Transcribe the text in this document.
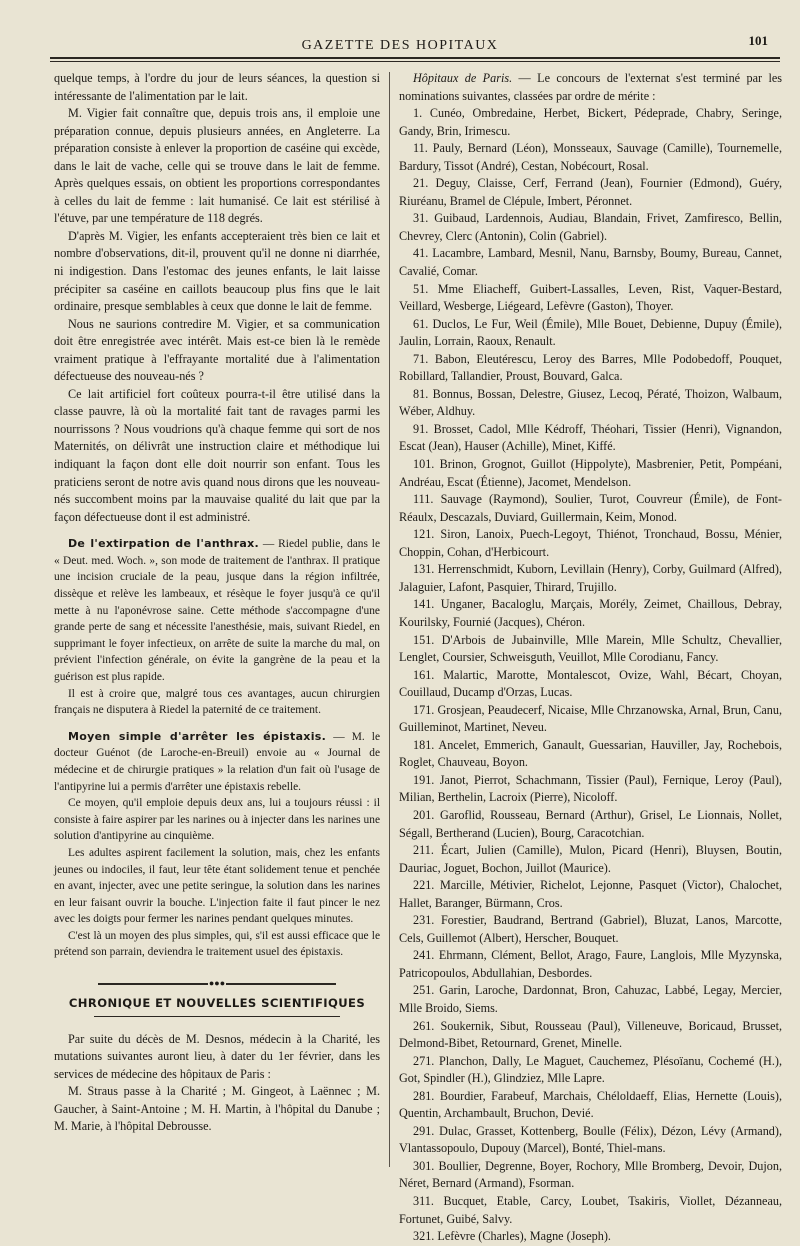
GAZETTE DES HOPITAUX	101

quelque temps, à l'ordre du jour de leurs séances, la question si intéressante de l'alimentation par le lait.

M. Vigier fait connaître que, depuis trois ans, il emploie une préparation connue, depuis plusieurs années, en Angleterre. La préparation consiste à enlever la proportion de caséine qui excède, dans le lait de vache, celle qui se trouve dans le lait de femme. Après quelques essais, on obtient les proportions correspondantes à celles du lait de femme : lait humanisé. Ce lait est stérilisé à l'étuve, par une température de 118 degrés.

D'après M. Vigier, les enfants accepteraient très bien ce lait et nombre d'observations, dit-il, prouvent qu'il ne donne ni diarrhée, ni indigestion. Dans l'estomac des jeunes enfants, le lait laisse précipiter sa caséine en caillots beaucoup plus fins que le lait ordinaire, presque semblables à ceux que donne le lait de femme.

Nous ne saurions contredire M. Vigier, et sa communication doit être enregistrée avec intérêt. Mais est-ce bien là le remède vraiment pratique à l'effrayante mortalité due à l'alimentation défectueuse des nouveau-nés ?

Ce lait artificiel fort coûteux pourra-t-il être utilisé dans la classe pauvre, là où la mortalité fait tant de ravages parmi les nourrissons ? Nous voudrions qu'à chaque femme qui sort de nos Maternités, on délivrât une instruction claire et méthodique lui indiquant la façon dont elle doit nourrir son enfant. Tous les praticiens seront de notre avis quand nous dirons que les nouveau-nés succombent moins par la mauvaise qualité du lait que par la façon défectueuse dont il est administré.

De l'extirpation de l'anthrax. — Riedel publie, dans le « Deut. med. Woch. », son mode de traitement de l'anthrax. Il pratique une incision cruciale de la peau, jusque dans la région infiltrée, dissèque et relève les lambeaux, et résèque le foyer jusqu'à ce qu'il mette à nu l'aponévrose saine. Cette méthode s'accompagne d'une grande perte de sang et nécessite l'anesthésie, mais, suivant Riedel, en supprimant le foyer infectieux, on arrête de suite la marche du mal, on prévient l'infection générale, on évite la gangrène de la peau et la guérison est plus rapide.

Il est à croire que, malgré tous ces avantages, aucun chirurgien français ne disputera à Riedel la paternité de ce traitement.

Moyen simple d'arrêter les épistaxis. — M. le docteur Guénot (de Laroche-en-Breuil) envoie au « Journal de médecine et de chirurgie pratiques » la relation d'un fait où l'usage de l'antipyrine lui a permis d'arrêter une épistaxis rebelle.

Ce moyen, qu'il emploie depuis deux ans, lui a toujours réussi : il consiste à faire aspirer par les narines ou à injecter dans les narines une solution d'antipyrine au cinquième.

Les adultes aspirent facilement la solution, mais, chez les enfants jeunes ou indociles, il faut, leur tête étant solidement tenue et penchée en avant, injecter, avec une petite seringue, la solution dans les narines en leur faisant ouvrir la bouche. L'injection faite il faut pincer le nez avec les doigts pour fermer les narines pendant quelques minutes.

C'est là un moyen des plus simples, qui, s'il est aussi efficace que le prétend son parrain, deviendra le traitement usuel des épistaxis.

●●●
CHRONIQUE ET NOUVELLES SCIENTIFIQUES

Par suite du décès de M. Desnos, médecin à la Charité, les mutations suivantes auront lieu, à dater du 1er février, dans les services de médecine des hôpitaux de Paris :

M. Straus passe à la Charité ; M. Gingeot, à Laënnec ; M. Gaucher, à Saint-Antoine ; M. H. Martin, à l'hôpital du Danube ; M. Marie, à l'hôpital Debrousse.

Hôpitaux de Paris. — Le concours de l'externat s'est terminé par les nominations suivantes, classées par ordre de mérite :

1. Cunéo, Ombredaine, Herbet, Bickert, Pédeprade, Chabry, Seringe, Gandy, Brin, Irimescu.

11. Pauly, Bernard (Léon), Monsseaux, Sauvage (Camille), Tournemelle, Bardury, Tissot (André), Cestan, Nobécourt, Rosal.

21. Deguy, Claisse, Cerf, Ferrand (Jean), Fournier (Edmond), Guéry, Riuréanu, Bramel de Clépule, Imbert, Péronnet.

31. Guibaud, Lardennois, Audiau, Blandain, Frivet, Zamfiresco, Bellin, Chevrey, Clerc (Antonin), Colin (Gabriel).

41. Lacambre, Lambard, Mesnil, Nanu, Barnsby, Boumy, Bureau, Cannet, Cavalié, Comar.

51. Mme Eliacheff, Guibert-Lassalles, Leven, Rist, Vaquer-Bestard, Veillard, Wesberge, Liégeard, Lefèvre (Gaston), Thoyer.

61. Duclos, Le Fur, Weil (Émile), Mlle Bouet, Debienne, Dupuy (Émile), Jaulin, Lorrain, Raoux, Renault.

71. Babon, Eleutérescu, Leroy des Barres, Mlle Podobedoff, Pouquet, Robillard, Tallandier, Proust, Bouvard, Galca.

81. Bonnus, Bossan, Delestre, Giusez, Lecoq, Pératé, Thoizon, Walbaum, Wéber, Aldhuy.

91. Brosset, Cadol, Mlle Kédroff, Théohari, Tissier (Henri), Vignandon, Escat (Jean), Hauser (Achille), Minet, Kiffé.

101. Brinon, Grognot, Guillot (Hippolyte), Masbrenier, Petit, Pompéani, Andréau, Escat (Étienne), Jacomet, Mendelson.

111. Sauvage (Raymond), Soulier, Turot, Couvreur (Émile), de Font-Réaulx, Descazals, Duviard, Guillermain, Keim, Monod.

121. Siron, Lanoix, Puech-Legoyt, Thiénot, Tronchaud, Bossu, Ménier, Choppin, Cohan, d'Herbicourt.

131. Herrenschmidt, Kuborn, Levillain (Henry), Corby, Guilmard (Alfred), Jalaguier, Lafont, Pasquier, Thirard, Trujillo.

141. Unganer, Bacaloglu, Marçais, Morély, Zeimet, Chaillous, Debray, Kourilsky, Fournié (Jacques), Chéron.

151. D'Arbois de Jubainville, Mlle Marein, Mlle Schultz, Chevallier, Lenglet, Coursier, Schweisguth, Veuillot, Mlle Corodianu, Fancy.

161. Malartic, Marotte, Montalescot, Ovize, Wahl, Bécart, Choyan, Couillaud, Ducamp d'Orzas, Lucas.

171. Grosjean, Peaudecerf, Nicaise, Mlle Chrzanowska, Arnal, Brun, Canu, Guilleminot, Martinet, Neveu.

181. Ancelet, Emmerich, Ganault, Guessarian, Hauviller, Jay, Rochebois, Roglet, Chauveau, Boyon.

191. Janot, Pierrot, Schachmann, Tissier (Paul), Fernique, Leroy (Paul), Milian, Berthelin, Lacroix (Pierre), Nicoloff.

201. Garoflid, Rousseau, Bernard (Arthur), Grisel, Le Lionnais, Nollet, Ségall, Bertherand (Lucien), Bourg, Caracotchian.

211. Écart, Julien (Camille), Mulon, Picard (Henri), Bluysen, Boutin, Dauriac, Joguet, Bochon, Juillot (Maurice).

221. Marcille, Métivier, Richelot, Lejonne, Pasquet (Victor), Chalochet, Hallet, Baranger, Bürmann, Cros.

231. Forestier, Baudrand, Bertrand (Gabriel), Bluzat, Lanos, Marcotte, Cels, Guillemot (Albert), Herscher, Bouquet.

241. Ehrmann, Clément, Bellot, Arago, Faure, Langlois, Mlle Myzynska, Patricopoulos, Abdullahian, Desbordes.

251. Garin, Laroche, Dardonnat, Bron, Cahuzac, Labbé, Legay, Mercier, Mlle Broido, Siems.

261. Soukernik, Sibut, Rousseau (Paul), Villeneuve, Boricaud, Brusset, Delmond-Bibet, Retournard, Grenet, Minelle.

271. Planchon, Dally, Le Maguet, Cauchemez, Plésoïanu, Cochemé (H.), Got, Spindler (H.), Glindziez, Mlle Lapre.

281. Bourdier, Farabeuf, Marchais, Chéloldaeff, Elias, Hernette (Louis), Quentin, Archambault, Bruchon, Devié.

291. Dulac, Grasset, Kottenberg, Boulle (Félix), Dézon, Lévy (Armand), Vlantassopoulo, Dupouy (Marcel), Bonté, Thiel-mans.

301. Boullier, Degrenne, Boyer, Rochory, Mlle Bromberg, Devoir, Dujon, Néret, Bernard (Armand), Fsorman.

311. Bucquet, Etable, Carcy, Loubet, Tsakiris, Viollet, Dézanneau, Fortunet, Guibé, Salvy.

321. Lefèvre (Charles), Magne (Joseph).
